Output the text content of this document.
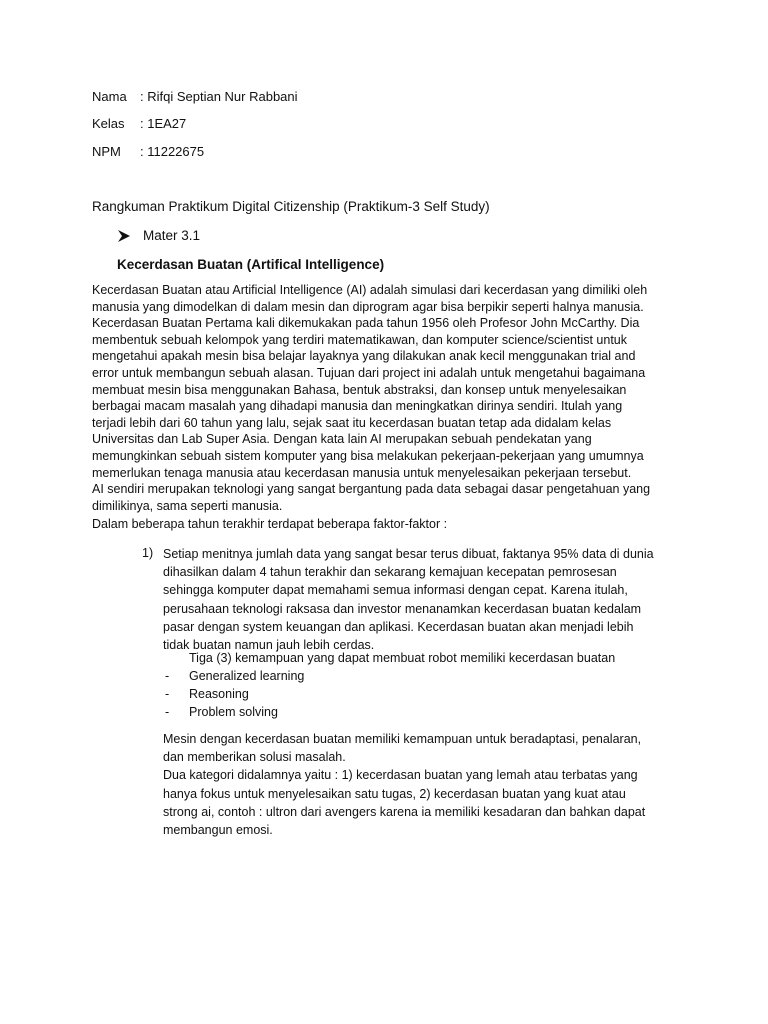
Nama : Rifqi Septian Nur Rabbani
Kelas : 1EA27
NPM : 11222675
Rangkuman Praktikum Digital Citizenship (Praktikum-3 Self Study)
Mater 3.1
Kecerdasan Buatan (Artifical Intelligence)
Kecerdasan Buatan atau Artificial Intelligence (AI) adalah simulasi dari kecerdasan yang dimiliki oleh
manusia yang dimodelkan di dalam mesin dan diprogram agar bisa berpikir seperti halnya manusia.
Kecerdasan Buatan Pertama kali dikemukakan pada tahun 1956 oleh Profesor John McCarthy. Dia
membentuk sebuah kelompok yang terdiri matematikawan, dan komputer science/scientist untuk
mengetahui apakah mesin bisa belajar layaknya yang dilakukan anak kecil menggunakan trial and
error untuk membangun sebuah alasan. Tujuan dari project ini adalah untuk mengetahui bagaimana
membuat mesin bisa menggunakan Bahasa, bentuk abstraksi, dan konsep untuk menyelesaikan
berbagai macam masalah yang dihadapi manusia dan meningkatkan dirinya sendiri. Itulah yang
terjadi lebih dari 60 tahun yang lalu, sejak saat itu kecerdasan buatan tetap ada didalam kelas
Universitas dan Lab Super Asia. Dengan kata lain AI merupakan sebuah pendekatan yang
memungkinkan sebuah sistem komputer yang bisa melakukan pekerjaan-pekerjaan yang umumnya
memerlukan tenaga manusia atau kecerdasan manusia untuk menyelesaikan pekerjaan tersebut.
AI sendiri merupakan teknologi yang sangat bergantung pada data sebagai dasar pengetahuan yang
dimilikinya, sama seperti manusia.
Dalam beberapa tahun terakhir terdapat beberapa faktor-faktor :
1) Setiap menitnya jumlah data yang sangat besar terus dibuat, faktanya 95% data di dunia
dihasilkan dalam 4 tahun terakhir dan sekarang kemajuan kecepatan pemrosesan
sehingga komputer dapat memahami semua informasi dengan cepat. Karena itulah,
perusahaan teknologi raksasa dan investor menanamkan kecerdasan buatan kedalam
pasar dengan system keuangan dan aplikasi. Kecerdasan buatan akan menjadi lebih
tidak buatan namun jauh lebih cerdas.
Tiga (3) kemampuan yang dapat membuat robot memiliki kecerdasan buatan
- Generalized learning
- Reasoning
- Problem solving
Mesin dengan kecerdasan buatan memiliki kemampuan untuk beradaptasi, penalaran,
dan memberikan solusi masalah.
Dua kategori didalamnya yaitu : 1) kecerdasan buatan yang lemah atau terbatas yang
hanya fokus untuk menyelesaikan satu tugas, 2) kecerdasan buatan yang kuat atau
strong ai, contoh : ultron dari avengers karena ia memiliki kesadaran dan bahkan dapat
membangun emosi.
